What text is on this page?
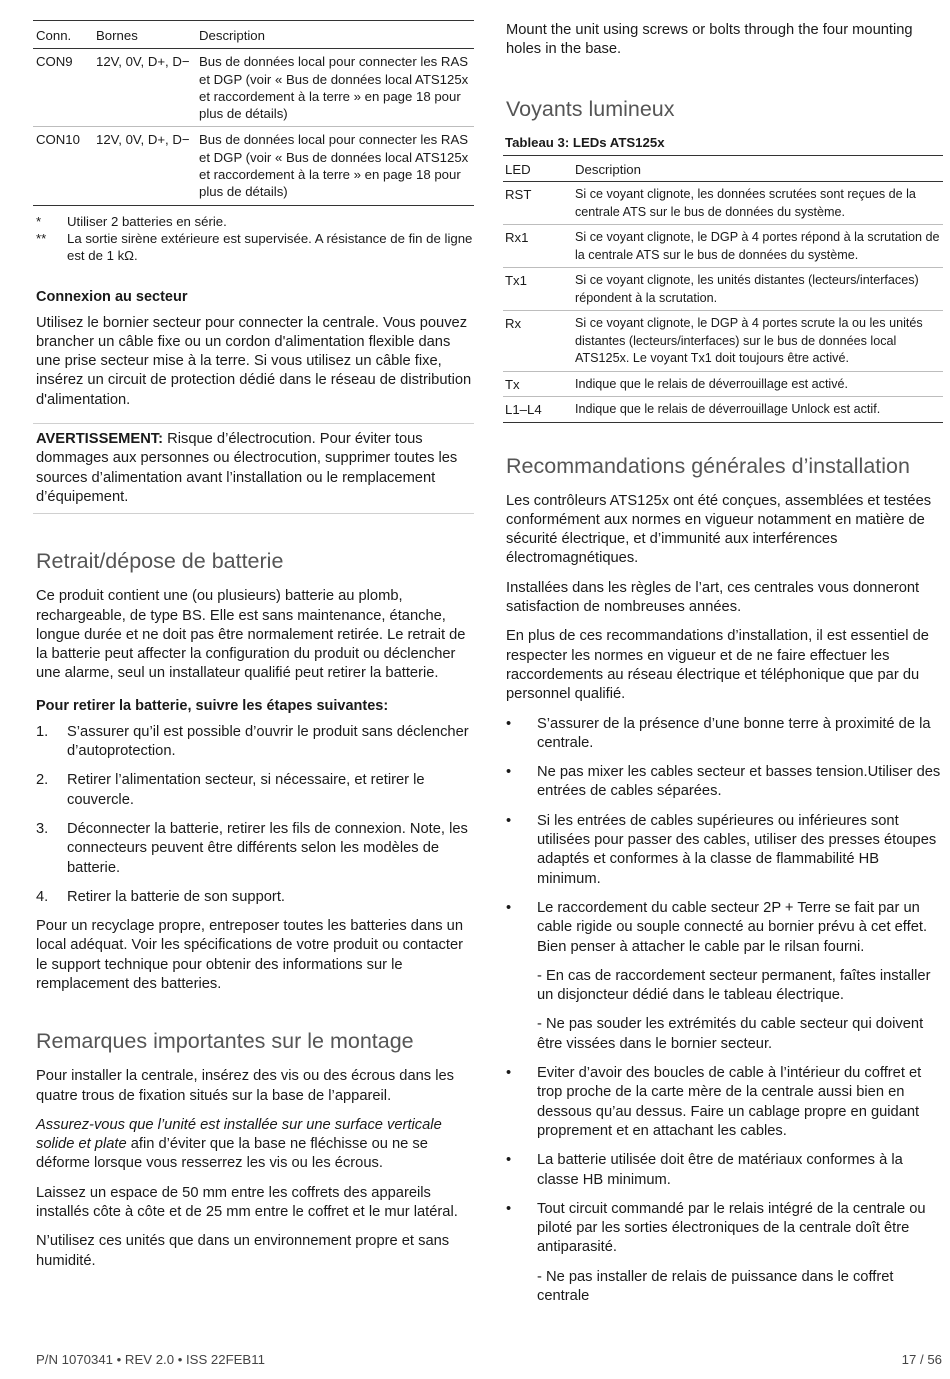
Conn.	Bornes	Description
CON9	12V, 0V, D+, D−	Bus de données local pour connecter les RAS et DGP (voir « Bus de données local ATS125x et raccordement à la terre » en page 18 pour plus de détails)
CON10	12V, 0V, D+, D−	Bus de données local pour connecter les RAS et DGP (voir « Bus de données local ATS125x et raccordement à la terre » en page 18 pour plus de détails)
*	Utiliser 2 batteries en série.
**	La sortie sirène extérieure est supervisée. A résistance de fin de ligne est de 1 kΩ.
Connexion au secteur

Utilisez le bornier secteur pour connecter la centrale. Vous pouvez brancher un câble fixe ou un cordon d'alimentation flexible dans une prise secteur mise à la terre. Si vous utilisez un câble fixe, insérez un circuit de protection dédié dans le réseau de distribution d'alimentation.

AVERTISSEMENT: Risque d’électrocution. Pour éviter tous dommages aux personnes ou électrocution, supprimer toutes les sources d’alimentation avant l’installation ou le remplacement d’équipement.

Retrait/dépose de batterie

Ce produit contient une (ou plusieurs) batterie au plomb, rechargeable, de type BS. Elle est sans maintenance, étanche, longue durée et ne doit pas être normalement retirée. Le retrait de la batterie peut affecter la configuration du produit ou déclencher une alarme, seul un installateur qualifié peut retirer la batterie.

Pour retirer la batterie, suivre les étapes suivantes:
1.	S’assurer qu’il est possible d’ouvrir le produit sans déclencher d’autoprotection.
2.	Retirer l’alimentation secteur, si nécessaire, et retirer le couvercle.
3.	Déconnecter la batterie, retirer les fils de connexion. Note, les connecteurs peuvent être différents selon les modèles de batterie.
4.	Retirer la batterie de son support.

Pour un recyclage propre, entreposer toutes les batteries dans un local adéquat. Voir les spécifications de votre produit ou contacter le support technique pour obtenir des informations sur le remplacement des batteries.

Remarques importantes sur le montage

Pour installer la centrale, insérez des vis ou des écrous dans les quatre trous de fixation situés sur la base de l’appareil.

Assurez-vous que l’unité est installée sur une surface verticale solide et plate afin d’éviter que la base ne fléchisse ou ne se déforme lorsque vous resserrez les vis ou les écrous.

Laissez un espace de 50 mm entre les coffrets des appareils installés côte à côte et de 25 mm entre le coffret et le mur latéral.

N’utilisez ces unités que dans un environnement propre et sans humidité.

Mount the unit using screws or bolts through the four mounting holes in the base.

Voyants lumineux
Tableau 3: LEDs ATS125x
LED	Description
RST	Si ce voyant clignote, les données scrutées sont reçues de la centrale ATS sur le bus de données du système.
Rx1	Si ce voyant clignote, le DGP à 4 portes répond à la scrutation de la centrale ATS sur le bus de données du système.
Tx1	Si ce voyant clignote, les unités distantes (lecteurs/interfaces) répondent à la scrutation.
Rx	Si ce voyant clignote, le DGP à 4 portes scrute la ou les unités distantes (lecteurs/interfaces) sur le bus de données local ATS125x. Le voyant Tx1 doit toujours être activé.
Tx	Indique que le relais de déverrouillage est activé.
L1–L4	Indique que le relais de déverrouillage Unlock est actif.
Recommandations générales d’installation

Les contrôleurs ATS125x ont été conçues, assemblées et testées conformément aux normes en vigueur notamment en matière de sécurité électrique, et d’immunité aux interférences électromagnétiques.

Installées dans les règles de l’art, ces centrales vous donneront satisfaction de nombreuses années.

En plus de ces recommandations d’installation, il est essentiel de respecter les normes en vigueur et de ne faire effectuer les raccordements au réseau électrique et téléphonique que par du personnel qualifié.

•	S’assurer de la présence d’une bonne terre à proximité de la centrale.
•	Ne pas mixer les cables secteur et basses tension.Utiliser des entrées de cables séparées.
•	Si les entrées de cables supérieures ou inférieures sont utilisées pour passer des cables, utiliser des presses étoupes adaptés et conformes à la classe de flammabilité HB minimum.
•	Le raccordement du cable secteur 2P + Terre se fait par un cable rigide ou souple connecté au bornier prévu à cet effet. Bien penser à attacher le cable par le rilsan fourni.
- En cas de raccordement secteur permanent, faîtes installer un disjoncteur dédié dans le tableau électrique.
- Ne pas souder les extrémités du cable secteur qui doivent être vissées dans le bornier secteur.
•	Eviter d’avoir des boucles de cable à l’intérieur du coffret et trop proche de la carte mère de la centrale aussi bien en dessous qu’au dessus. Faire un cablage propre en guidant proprement et en attachant les cables.
•	La batterie utilisée doit être de matériaux conformes à la classe HB minimum.
•	Tout circuit commandé par le relais intégré de la centrale ou piloté par les sorties électroniques de la centrale doît être antiparasité.
- Ne pas installer de relais de puissance dans le coffret centrale
P/N 1070341 • REV 2.0 • ISS 22FEB11	17 / 56
